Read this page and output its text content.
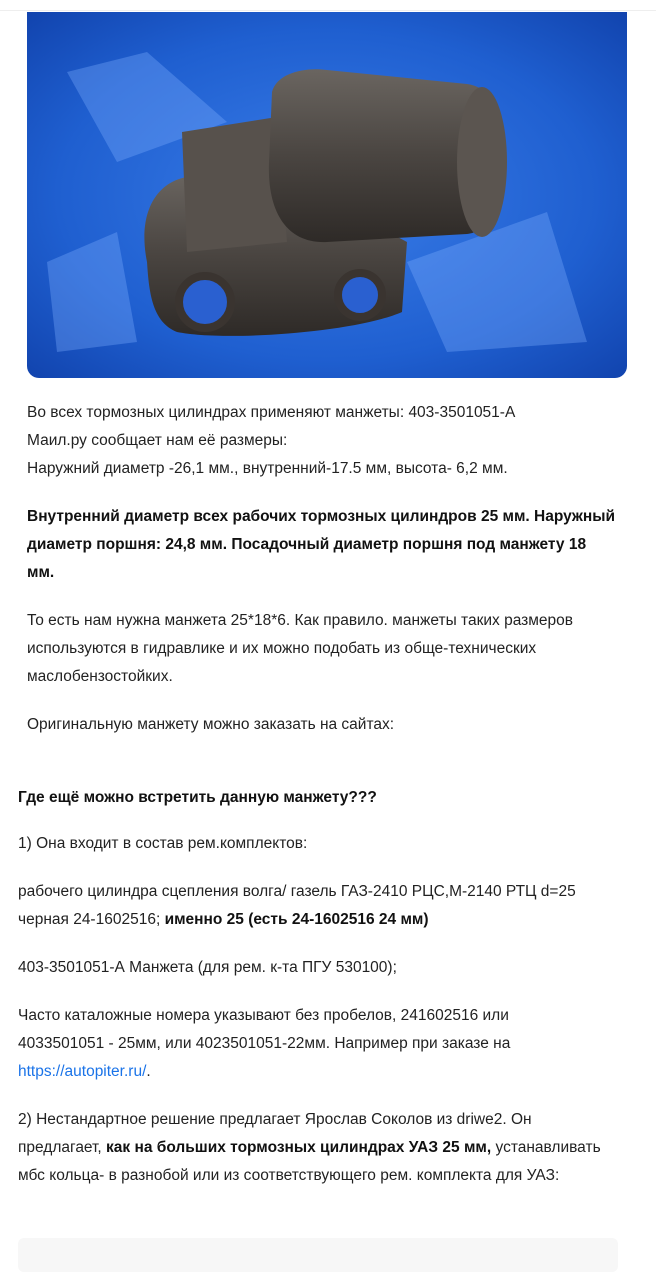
Во всех тормозных цилиндрах применяют манжеты: 403-3501051-А
Маил.ру сообщает нам её размеры:
Наружний диаметр -26,1 мм., внутренний-17.5 мм, высота- 6,2 мм.

Внутренний диаметр всех рабочих тормозных цилиндров 25 мм. Наружный диаметр поршня: 24,8 мм. Посадочный диаметр поршня под манжету 18 мм.

То есть нам нужна манжета 25*18*6. Как правило. манжеты таких размеров используются в гидравлике и их можно подобать из обще-технических маслобензостойких.

Оригинальную манжету можно заказать на сайтах:

Где ещё можно встретить данную манжету???

1) Она входит в состав рем.комплектов:

рабочего цилиндра сцепления волга/ газель ГАЗ-2410 РЦС,М-2140 РТЦ d=25 черная 24-1602516; именно 25 (есть 24-1602516 24 мм)

403-3501051-А Манжета (для рем. к-та ПГУ 530100);

Часто каталожные номера указывают без пробелов, 241602516 или 4033501051 - 25мм, или 4023501051-22мм. Например при заказе на https://autopiter.ru/.

2) Нестандартное решение предлагает Ярослав Соколов из driwe2. Он предлагает, как на больших тормозных цилиндрах УАЗ 25 мм, устанавливать мбс кольца- в разнобой или из соответствующего рем. комплекта для УАЗ:
